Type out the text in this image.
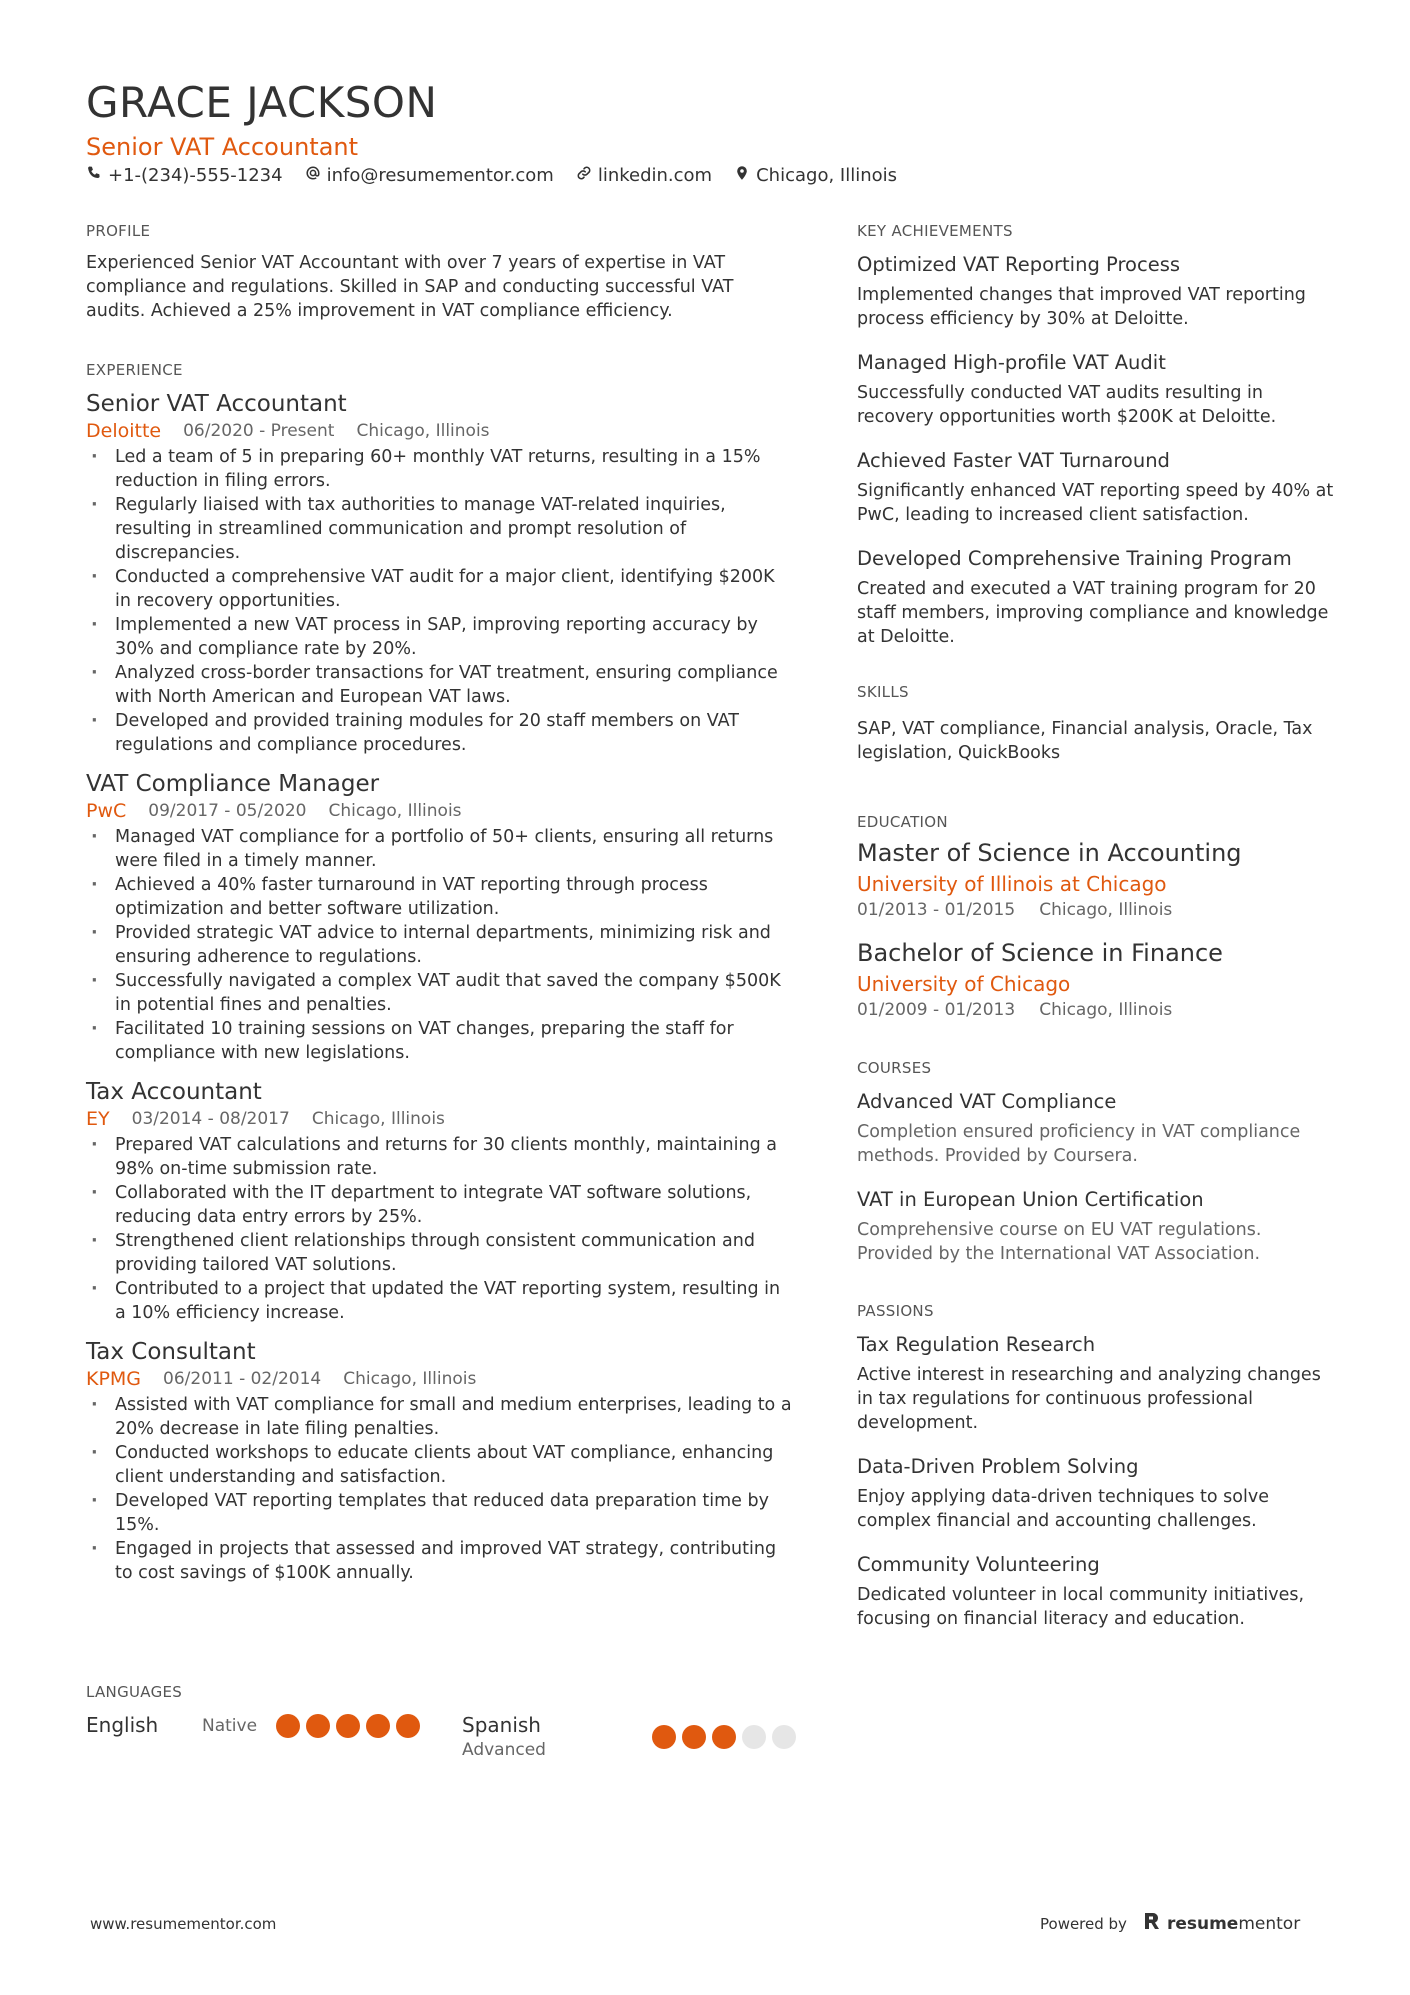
GRACE JACKSON
Senior VAT Accountant
+1-(234)-555-1234 info@resumementor.com linkedin.com Chicago, Illinois
PROFILE
Experienced Senior VAT Accountant with over 7 years of expertise in VAT compliance and regulations. Skilled in SAP and conducting successful VAT audits. Achieved a 25% improvement in VAT compliance efficiency.
EXPERIENCE
Senior VAT Accountant
Deloitte 06/2020 - Present Chicago, Illinois
· Led a team of 5 in preparing 60+ monthly VAT returns, resulting in a 15% reduction in filing errors.
· Regularly liaised with tax authorities to manage VAT-related inquiries, resulting in streamlined communication and prompt resolution of discrepancies.
· Conducted a comprehensive VAT audit for a major client, identifying $200K in recovery opportunities.
· Implemented a new VAT process in SAP, improving reporting accuracy by 30% and compliance rate by 20%.
· Analyzed cross-border transactions for VAT treatment, ensuring compliance with North American and European VAT laws.
· Developed and provided training modules for 20 staff members on VAT regulations and compliance procedures.
VAT Compliance Manager
PwC 09/2017 - 05/2020 Chicago, Illinois
· Managed VAT compliance for a portfolio of 50+ clients, ensuring all returns were filed in a timely manner.
· Achieved a 40% faster turnaround in VAT reporting through process optimization and better software utilization.
· Provided strategic VAT advice to internal departments, minimizing risk and ensuring adherence to regulations.
· Successfully navigated a complex VAT audit that saved the company $500K in potential fines and penalties.
· Facilitated 10 training sessions on VAT changes, preparing the staff for compliance with new legislations.
Tax Accountant
EY 03/2014 - 08/2017 Chicago, Illinois
· Prepared VAT calculations and returns for 30 clients monthly, maintaining a 98% on-time submission rate.
· Collaborated with the IT department to integrate VAT software solutions, reducing data entry errors by 25%.
· Strengthened client relationships through consistent communication and providing tailored VAT solutions.
· Contributed to a project that updated the VAT reporting system, resulting in a 10% efficiency increase.
Tax Consultant
KPMG 06/2011 - 02/2014 Chicago, Illinois
· Assisted with VAT compliance for small and medium enterprises, leading to a 20% decrease in late filing penalties.
· Conducted workshops to educate clients about VAT compliance, enhancing client understanding and satisfaction.
· Developed VAT reporting templates that reduced data preparation time by 15%.
· Engaged in projects that assessed and improved VAT strategy, contributing to cost savings of $100K annually.
LANGUAGES
English	Native	Spanish
Advanced
KEY ACHIEVEMENTS
Optimized VAT Reporting Process
Implemented changes that improved VAT reporting process efficiency by 30% at Deloitte.
Managed High-profile VAT Audit
Successfully conducted VAT audits resulting in recovery opportunities worth $200K at Deloitte.
Achieved Faster VAT Turnaround
Significantly enhanced VAT reporting speed by 40% at PwC, leading to increased client satisfaction.
Developed Comprehensive Training Program
Created and executed a VAT training program for 20 staff members, improving compliance and knowledge at Deloitte.
SKILLS
SAP, VAT compliance, Financial analysis, Oracle, Tax legislation, QuickBooks
EDUCATION
Master of Science in Accounting
University of Illinois at Chicago
01/2013 - 01/2015 Chicago, Illinois
Bachelor of Science in Finance
University of Chicago
01/2009 - 01/2013 Chicago, Illinois
COURSES
Advanced VAT Compliance
Completion ensured proficiency in VAT compliance methods. Provided by Coursera.
VAT in European Union Certification
Comprehensive course on EU VAT regulations. Provided by the International VAT Association.
PASSIONS
Tax Regulation Research
Active interest in researching and analyzing changes in tax regulations for continuous professional development.
Data-Driven Problem Solving
Enjoy applying data-driven techniques to solve complex financial and accounting challenges.
Community Volunteering
Dedicated volunteer in local community initiatives, focusing on financial literacy and education.
www.resumementor.com	Powered by resume mentor
